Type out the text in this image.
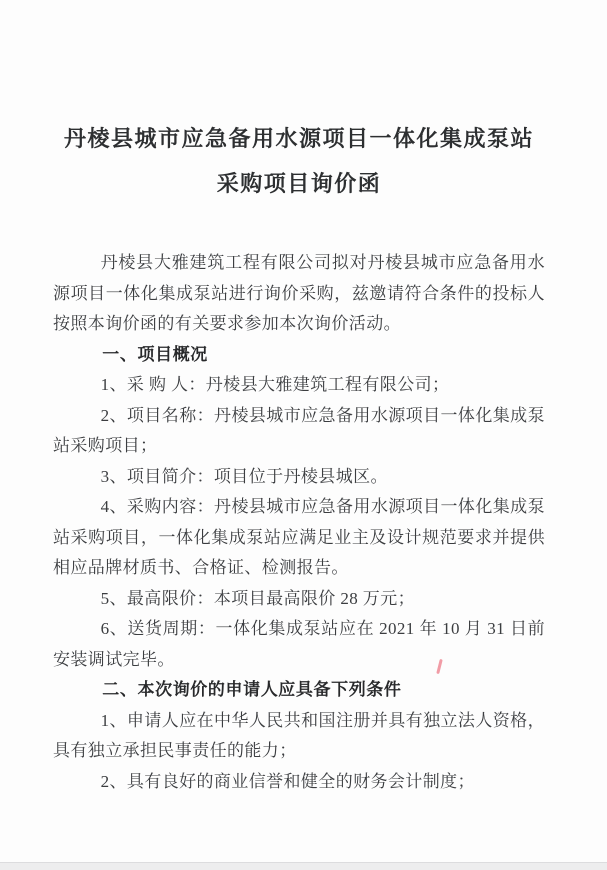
丹棱县城市应急备用水源项目一体化集成泵站
采购项目询价函

丹棱县大雅建筑工程有限公司拟对丹棱县城市应急备用水源项目一体化集成泵站进行询价采购，兹邀请符合条件的投标人按照本询价函的有关要求参加本次询价活动。

一、项目概况

1、采 购 人：丹棱县大雅建筑工程有限公司；

2、项目名称：丹棱县城市应急备用水源项目一体化集成泵站采购项目；

3、项目简介：项目位于丹棱县城区。

4、采购内容：丹棱县城市应急备用水源项目一体化集成泵站采购项目，一体化集成泵站应满足业主及设计规范要求并提供相应品牌材质书、合格证、检测报告。

5、最高限价：本项目最高限价 28 万元；

6、送货周期：一体化集成泵站应在 2021 年 10 月 31 日前安装调试完毕。

二、本次询价的申请人应具备下列条件

1、申请人应在中华人民共和国注册并具有独立法人资格，具有独立承担民事责任的能力；

2、具有良好的商业信誉和健全的财务会计制度；
